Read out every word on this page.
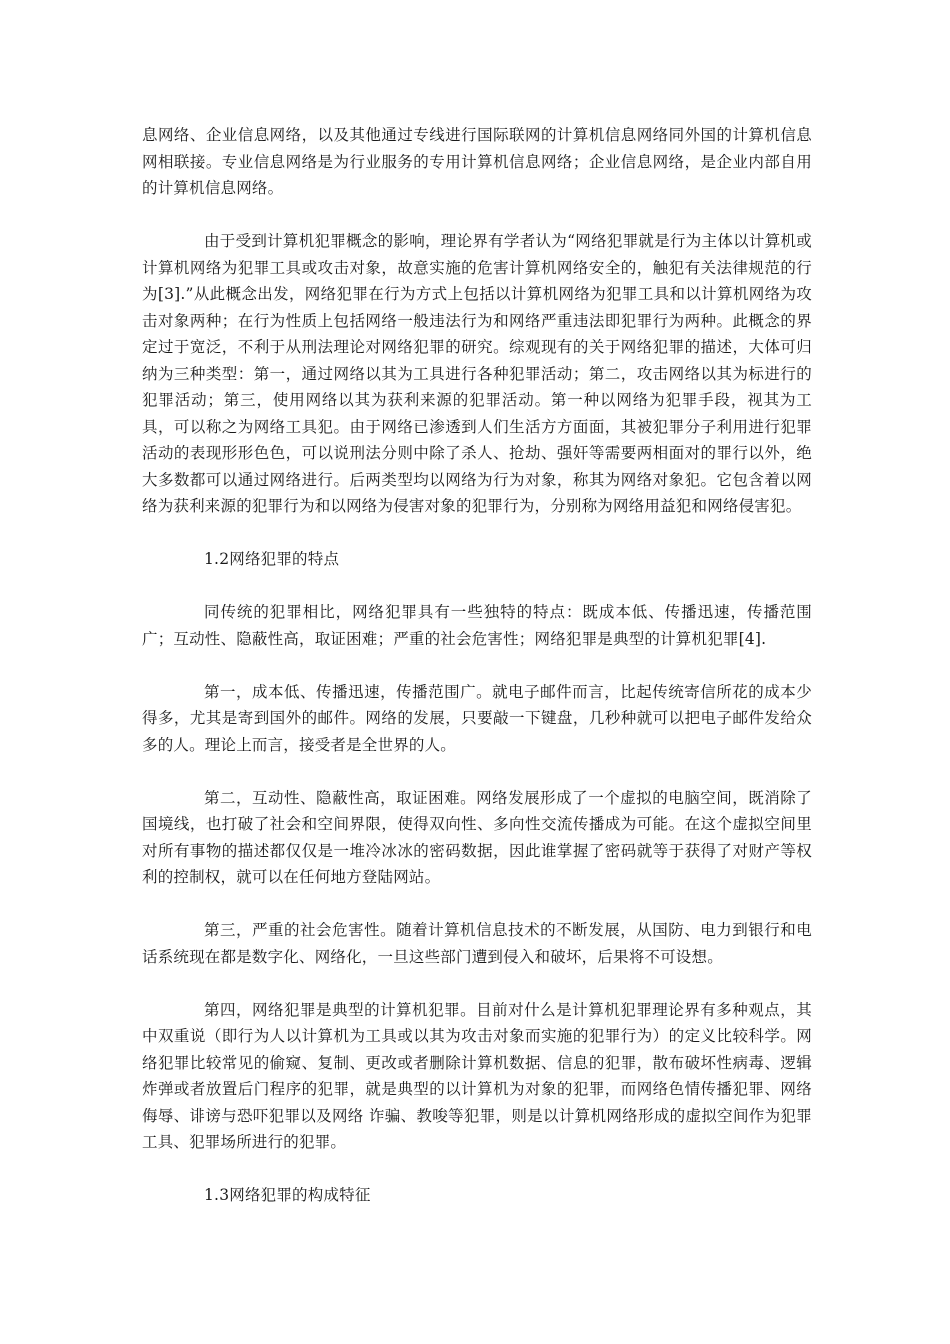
息网络、企业信息网络，以及其他通过专线进行国际联网的计算机信息网络同外国的计算机信息网相联接。专业信息网络是为行业服务的专用计算机信息网络；企业信息网络，是企业内部自用的计算机信息网络。

由于受到计算机犯罪概念的影响，理论界有学者认为“网络犯罪就是行为主体以计算机或计算机网络为犯罪工具或攻击对象，故意实施的危害计算机网络安全的，触犯有关法律规范的行为[3].”从此概念出发，网络犯罪在行为方式上包括以计算机网络为犯罪工具和以计算机网络为攻击对象两种；在行为性质上包括网络一般违法行为和网络严重违法即犯罪行为两种。此概念的界定过于宽泛，不利于从刑法理论对网络犯罪的研究。综观现有的关于网络犯罪的描述，大体可归纳为三种类型：第一，通过网络以其为工具进行各种犯罪活动；第二，攻击网络以其为标进行的犯罪活动；第三，使用网络以其为获利来源的犯罪活动。第一种以网络为犯罪手段，视其为工具，可以称之为网络工具犯。由于网络已渗透到人们生活方方面面，其被犯罪分子利用进行犯罪活动的表现形形色色，可以说刑法分则中除了杀人、抢劫、强奸等需要两相面对的罪行以外，绝大多数都可以通过网络进行。后两类型均以网络为行为对象，称其为网络对象犯。它包含着以网络为获利来源的犯罪行为和以网络为侵害对象的犯罪行为，分别称为网络用益犯和网络侵害犯。

1.2网络犯罪的特点

同传统的犯罪相比，网络犯罪具有一些独特的特点：既成本低、传播迅速，传播范围广；互动性、隐蔽性高，取证困难；严重的社会危害性；网络犯罪是典型的计算机犯罪[4].

第一，成本低、传播迅速，传播范围广。就电子邮件而言，比起传统寄信所花的成本少得多，尤其是寄到国外的邮件。网络的发展，只要敲一下键盘，几秒种就可以把电子邮件发给众多的人。理论上而言，接受者是全世界的人。

第二，互动性、隐蔽性高，取证困难。网络发展形成了一个虚拟的电脑空间，既消除了国境线，也打破了社会和空间界限，使得双向性、多向性交流传播成为可能。在这个虚拟空间里对所有事物的描述都仅仅是一堆冷冰冰的密码数据，因此谁掌握了密码就等于获得了对财产等权利的控制权，就可以在任何地方登陆网站。

第三，严重的社会危害性。随着计算机信息技术的不断发展，从国防、电力到银行和电话系统现在都是数字化、网络化，一旦这些部门遭到侵入和破坏，后果将不可设想。

第四，网络犯罪是典型的计算机犯罪。目前对什么是计算机犯罪理论界有多种观点，其中双重说（即行为人以计算机为工具或以其为攻击对象而实施的犯罪行为）的定义比较科学。网络犯罪比较常见的偷窥、复制、更改或者删除计算机数据、信息的犯罪，散布破坏性病毒、逻辑炸弹或者放置后门程序的犯罪，就是典型的以计算机为对象的犯罪，而网络色情传播犯罪、网络侮辱、诽谤与恐吓犯罪以及网络 诈骗、教唆等犯罪，则是以计算机网络形成的虚拟空间作为犯罪工具、犯罪场所进行的犯罪。

1.3网络犯罪的构成特征
